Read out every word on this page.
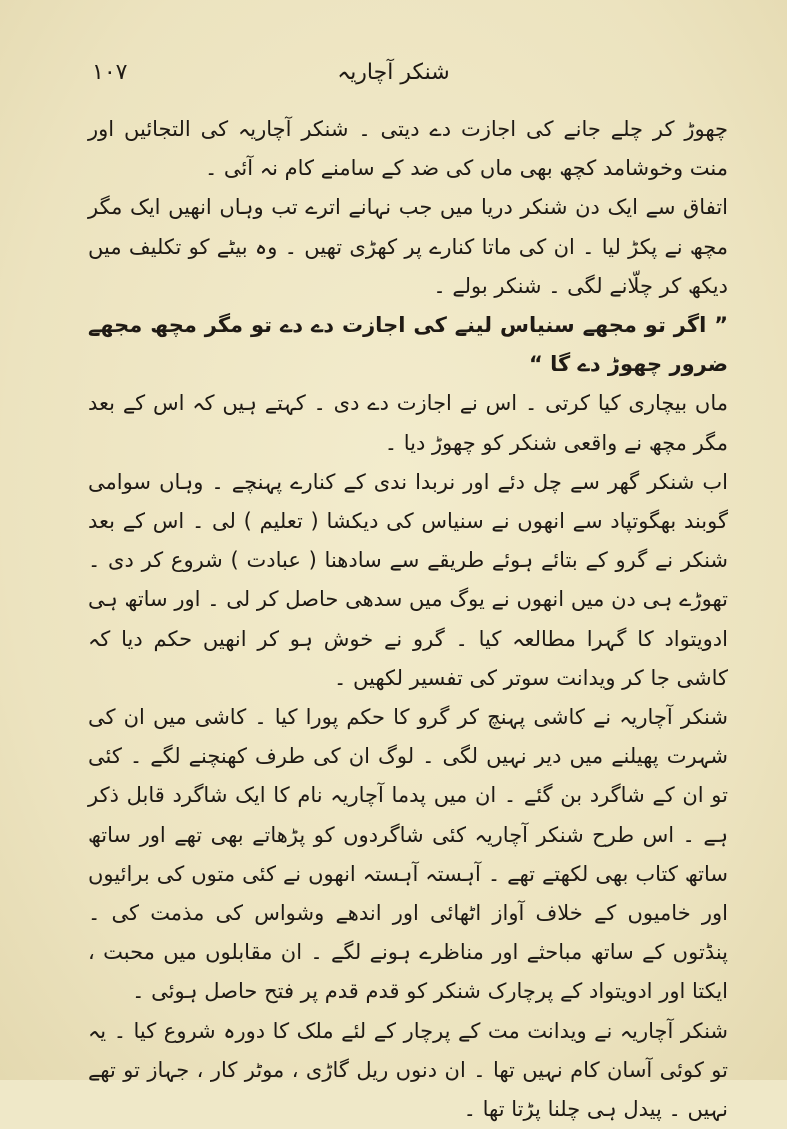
۱۰۷	شنکر آچاریہ

چھوڑ کر چلے جانے کی اجازت دے دیتی ۔ شنکر آچاریہ کی التجائیں اور منت وخوشامد کچھ بھی ماں کی ضد کے سامنے کام نہ آئی ۔

اتفاق سے ایک دن شنکر دریا میں جب نہانے اترے تب وہاں انھیں ایک مگر مچھ نے پکڑ لیا ۔ ان کی ماتا کنارے پر کھڑی تھیں ۔ وہ بیٹے کو تکلیف میں دیکھ کر چلّانے لگی ۔ شنکر بولے ۔

” اگر تو مجھے سنیاس لینے کی اجازت دے دے تو مگر مچھ مجھے ضرور چھوڑ دے گا “

ماں بیچاری کیا کرتی ۔ اس نے اجازت دے دی ۔ کہتے ہیں کہ اس کے بعد مگر مچھ نے واقعی شنکر کو چھوڑ دیا ۔

اب شنکر گھر سے چل دئے اور نربدا ندی کے کنارے پہنچے ۔ وہاں سوامی گوبند بھگوتپاد سے انھوں نے سنیاس کی دیکشا ( تعلیم ) لی ۔ اس کے بعد شنکر نے گرو کے بتائے ہوئے طریقے سے سادھنا ( عبادت ) شروع کر دی ۔ تھوڑے ہی دن میں انھوں نے یوگ میں سدھی حاصل کر لی ۔ اور ساتھ ہی ادویتواد کا گہرا مطالعہ کیا ۔ گرو نے خوش ہو کر انھیں حکم دیا کہ کاشی جا کر ویدانت سوتر کی تفسیر لکھیں ۔

شنکر آچاریہ نے کاشی پہنچ کر گرو کا حکم پورا کیا ۔ کاشی میں ان کی شہرت پھیلنے میں دیر نہیں لگی ۔ لوگ ان کی طرف کھنچنے لگے ۔ کئی تو ان کے شاگرد بن گئے ۔ ان میں پدما آچاریہ نام کا ایک شاگرد قابل ذکر ہے ۔ اس طرح شنکر آچاریہ کئی شاگردوں کو پڑھاتے بھی تھے اور ساتھ ساتھ کتاب بھی لکھتے تھے ۔ آہستہ آہستہ انھوں نے کئی متوں کی برائیوں اور خامیوں کے خلاف آواز اٹھائی اور اندھے وشواس کی مذمت کی ۔ پنڈتوں کے ساتھ مباحثے اور مناظرے ہونے لگے ۔ ان مقابلوں میں محبت ، ایکتا اور ادویتواد کے پرچارک شنکر کو قدم قدم پر فتح حاصل ہوئی ۔

شنکر آچاریہ نے ویدانت مت کے پرچار کے لئے ملک کا دورہ شروع کیا ۔ یہ تو کوئی آسان کام نہیں تھا ۔ ان دنوں ریل گاڑی ، موٹر کار ، جہاز تو تھے نہیں ۔ پیدل ہی چلنا پڑتا تھا ۔
